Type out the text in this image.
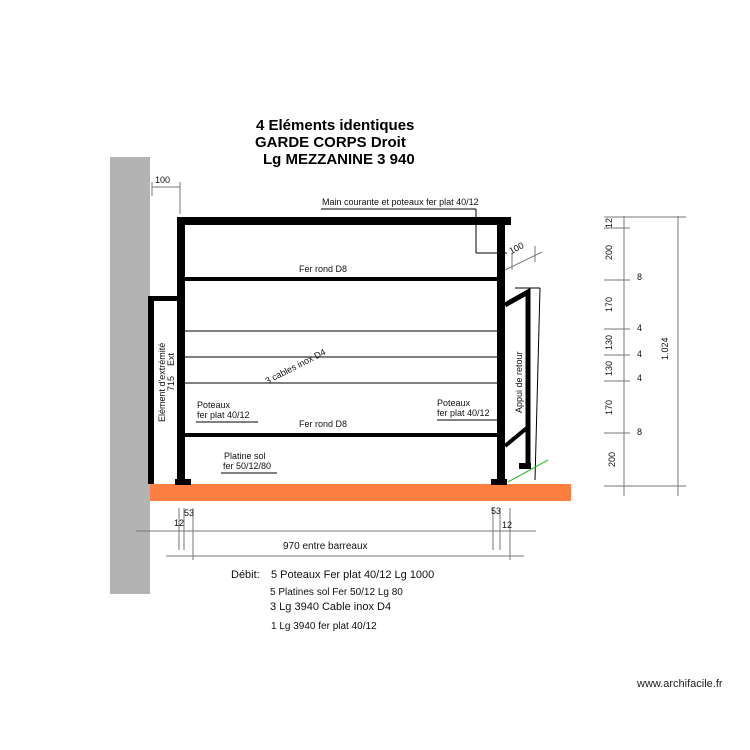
4 Eléments identiques
GARDE CORPS Droit
Lg MEZZANINE 3 940
Main courante et poteaux fer plat 40/12
100
100
Fer rond D8
3 cables inox D4
Fer rond D8
Elément d'extrémité Ext
715
Poteaux
fer plat 40/12
Poteaux
fer plat 40/12	Appui de retour
Platine sol
fer 50/12/80
53
12
53
12
970 entre barreaux
12
200
170
130
130
170
200
8
4
4
4
8
1.024
Débit: 5 Poteaux Fer plat 40/12 Lg 1000
5 Platines sol Fer 50/12 Lg 80
3 Lg 3940 Cable inox D4
1 Lg 3940 fer plat 40/12
www.archifacile.fr
